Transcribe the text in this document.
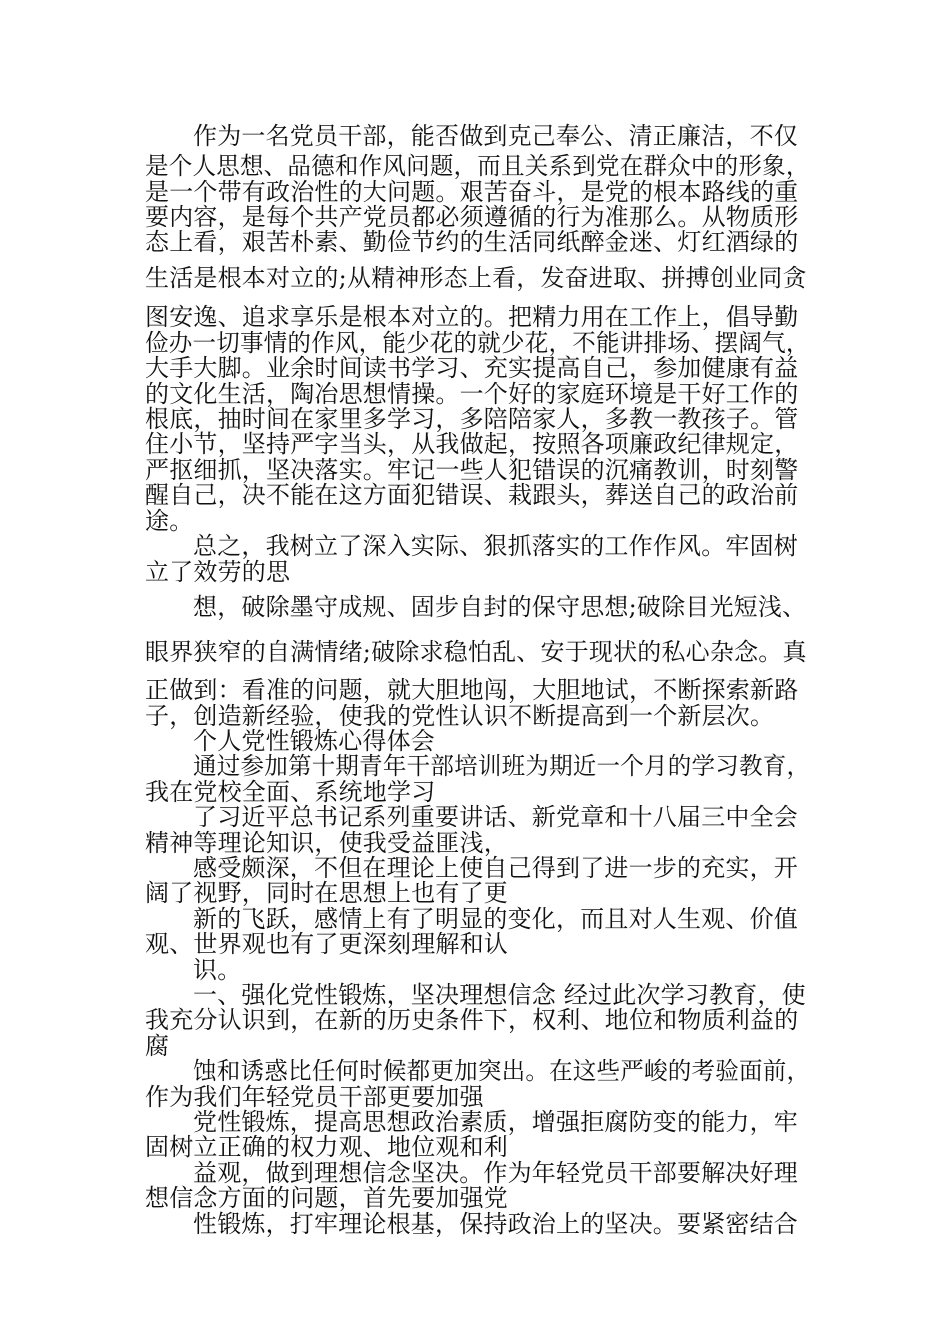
作为一名党员干部，能否做到克己奉公、清正廉洁，不仅
是个人思想、品德和作风问题，而且关系到党在群众中的形象，
是一个带有政治性的大问题。艰苦奋斗，是党的根本路线的重
要内容，是每个共产党员都必须遵循的行为准那么。从物质形
态上看，艰苦朴素、勤俭节约的生活同纸醉金迷、灯红酒绿的
生活是根本对立的;从精神形态上看，发奋进取、拼搏创业同贪
图安逸、追求享乐是根本对立的。把精力用在工作上，倡导勤
俭办一切事情的作风，能少花的就少花，不能讲排场、摆阔气，
大手大脚。业余时间读书学习、充实提高自己，参加健康有益
的文化生活，陶冶思想情操。一个好的家庭环境是干好工作的
根底，抽时间在家里多学习，多陪陪家人，多教一教孩子。管
住小节，坚持严字当头，从我做起，按照各项廉政纪律规定，
严抠细抓，坚决落实。牢记一些人犯错误的沉痛教训，时刻警
醒自己，决不能在这方面犯错误、栽跟头，葬送自己的政治前
途。
总之，我树立了深入实际、狠抓落实的工作作风。牢固树
立了效劳的思
想，破除墨守成规、固步自封的保守思想;破除目光短浅、
眼界狭窄的自满情绪;破除求稳怕乱、安于现状的私心杂念。真
正做到：看准的问题，就大胆地闯，大胆地试，不断探索新路
子，创造新经验，使我的党性认识不断提高到一个新层次。
个人党性锻炼心得体会
通过参加第十期青年干部培训班为期近一个月的学习教育，
我在党校全面、系统地学习
了习近平总书记系列重要讲话、新党章和十八届三中全会
精神等理论知识，使我受益匪浅，
感受颇深，不但在理论上使自己得到了进一步的充实，开
阔了视野，同时在思想上也有了更
新的飞跃，感情上有了明显的变化，而且对人生观、价值
观、世界观也有了更深刻理解和认
识。
一、强化党性锻炼，坚决理想信念 经过此次学习教育，使
我充分认识到，在新的历史条件下，权利、地位和物质利益的
腐
蚀和诱惑比任何时候都更加突出。在这些严峻的考验面前，
作为我们年轻党员干部更要加强
党性锻炼，提高思想政治素质，增强拒腐防变的能力，牢
固树立正确的权力观、地位观和利
益观，做到理想信念坚决。作为年轻党员干部要解决好理
想信念方面的问题，首先要加强党
性锻炼，打牢理论根基，保持政治上的坚决。要紧密结合
